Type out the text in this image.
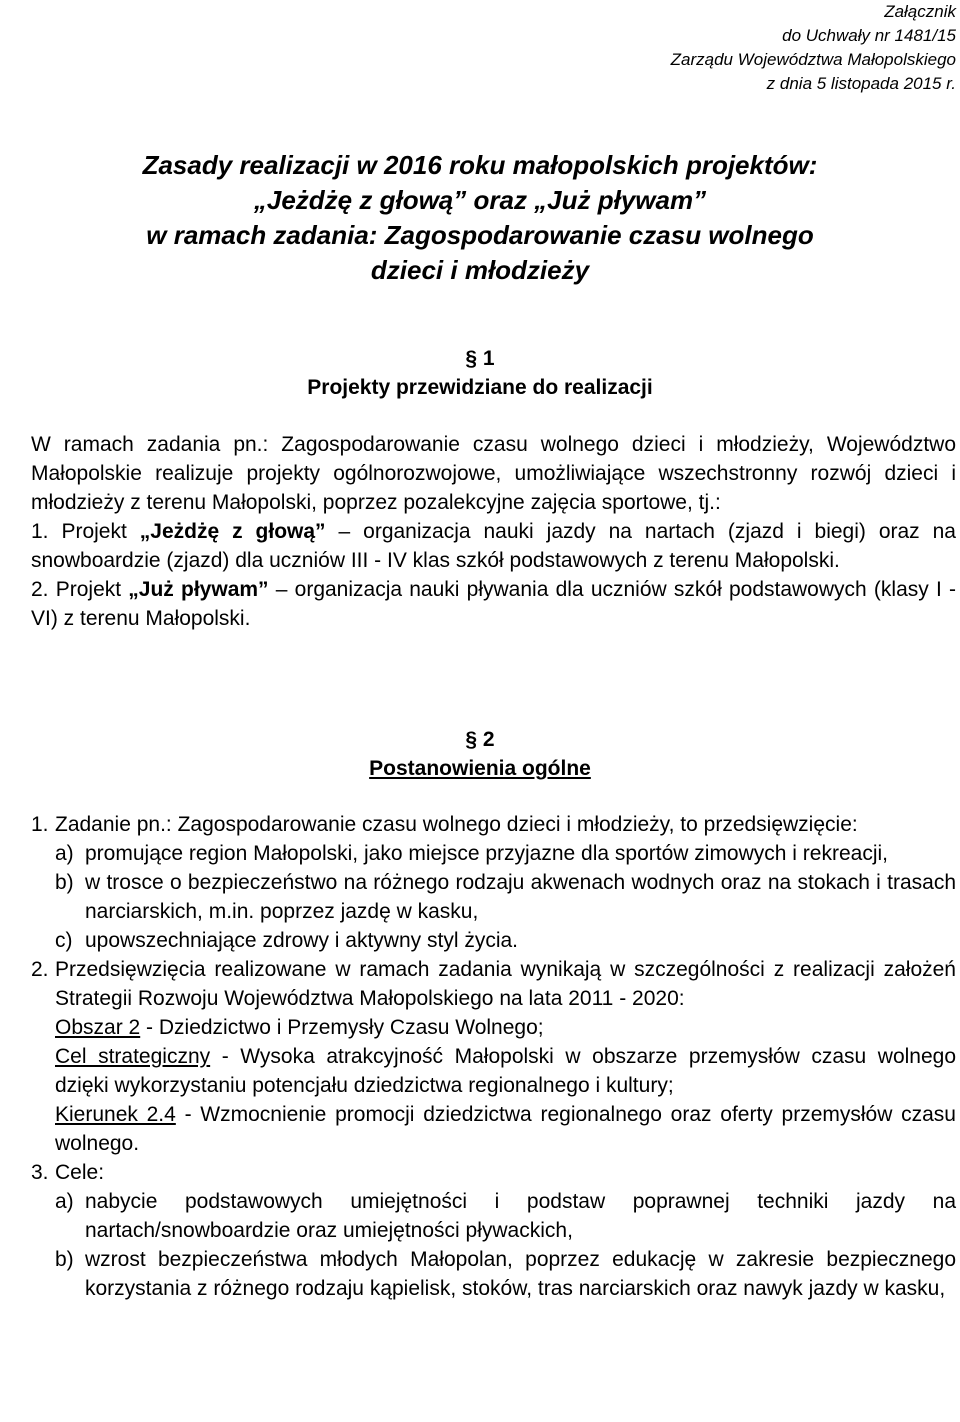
Załącznik
do Uchwały nr 1481/15
Zarządu Województwa Małopolskiego
z dnia 5 listopada 2015 r.
Zasady realizacji w 2016 roku małopolskich projektów:
„Jeżdżę z głową” oraz „Już pływam”
w ramach zadania: Zagospodarowanie czasu wolnego
dzieci i młodzieży
§ 1
Projekty przewidziane do realizacji
W ramach zadania pn.: Zagospodarowanie czasu wolnego dzieci i młodzieży, Województwo Małopolskie realizuje projekty ogólnorozwojowe, umożliwiające wszechstronny rozwój dzieci i młodzieży z terenu Małopolski, poprzez pozalekcyjne zajęcia sportowe, tj.:
1. Projekt „Jeżdżę z głową” – organizacja nauki jazdy na nartach (zjazd i biegi) oraz na snowboardzie (zjazd) dla uczniów III - IV klas szkół podstawowych z terenu Małopolski.
2. Projekt „Już pływam” – organizacja nauki pływania dla uczniów szkół podstawowych (klasy I - VI) z terenu Małopolski.
§ 2
Postanowienia ogólne
1. Zadanie pn.: Zagospodarowanie czasu wolnego dzieci i młodzieży, to przedsięwzięcie:
a) promujące region Małopolski, jako miejsce przyjazne dla sportów zimowych i rekreacji,
b) w trosce o bezpieczeństwo na różnego rodzaju akwenach wodnych oraz na stokach i trasach narciarskich, m.in. poprzez jazdę w kasku,
c) upowszechniające zdrowy i aktywny styl życia.
2. Przedsięwzięcia realizowane w ramach zadania wynikają w szczególności z realizacji założeń Strategii Rozwoju Województwa Małopolskiego na lata 2011 - 2020:
Obszar 2 - Dziedzictwo i Przemysły Czasu Wolnego;
Cel strategiczny - Wysoka atrakcyjność Małopolski w obszarze przemysłów czasu wolnego dzięki wykorzystaniu potencjału dziedzictwa regionalnego i kultury;
Kierunek 2.4 - Wzmocnienie promocji dziedzictwa regionalnego oraz oferty przemysłów czasu wolnego.
3. Cele:
a) nabycie podstawowych umiejętności i podstaw poprawnej techniki jazdy na nartach/snowboardzie oraz umiejętności pływackich,
b) wzrost bezpieczeństwa młodych Małopolan, poprzez edukację w zakresie bezpiecznego korzystania z różnego rodzaju kąpielisk, stoków, tras narciarskich oraz nawyk jazdy w kasku,
